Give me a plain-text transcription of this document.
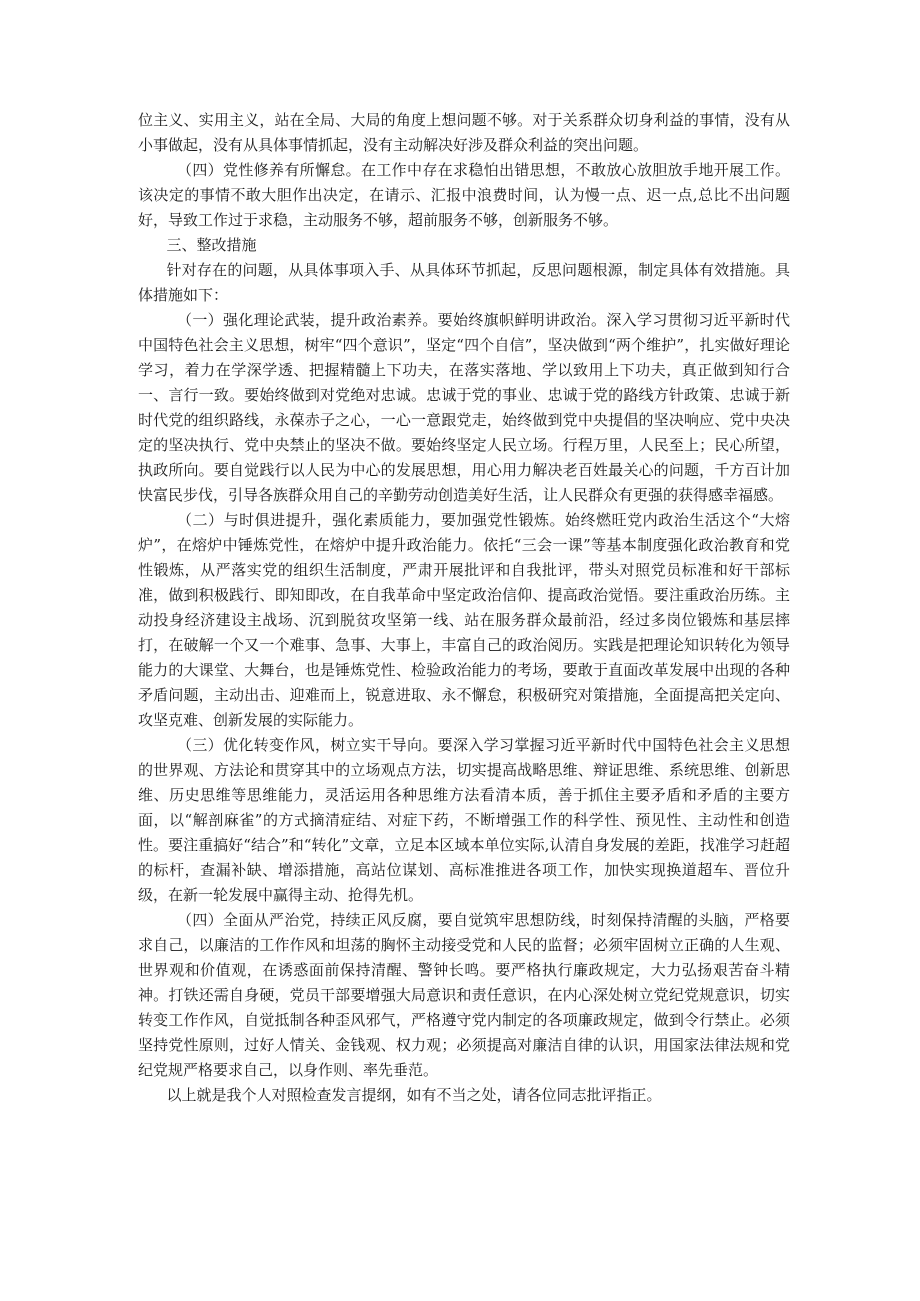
位主义、实用主义，站在全局、大局的角度上想问题不够。对于关系群众切身利益的事情，没有从小事做起，没有从具体事情抓起，没有主动解决好涉及群众利益的突出问题。

（四）党性修养有所懈怠。在工作中存在求稳怕出错思想，不敢放心放胆放手地开展工作。该决定的事情不敢大胆作出决定，在请示、汇报中浪费时间，认为慢一点、迟一点,总比不出问题好，导致工作过于求稳，主动服务不够，超前服务不够，创新服务不够。

三、整改措施

针对存在的问题，从具体事项入手、从具体环节抓起，反思问题根源，制定具体有效措施。具体措施如下：

（一）强化理论武装，提升政治素养。要始终旗帜鲜明讲政治。深入学习贯彻习近平新时代中国特色社会主义思想，树牢“四个意识”，坚定“四个自信”，坚决做到“两个维护”，扎实做好理论学习，着力在学深学透、把握精髓上下功夫，在落实落地、学以致用上下功夫，真正做到知行合一、言行一致。要始终做到对党绝对忠诚。忠诚于党的事业、忠诚于党的路线方针政策、忠诚于新时代党的组织路线，永葆赤子之心，一心一意跟党走，始终做到党中央提倡的坚决响应、党中央决定的坚决执行、党中央禁止的坚决不做。要始终坚定人民立场。行程万里，人民至上；民心所望，执政所向。要自觉践行以人民为中心的发展思想，用心用力解决老百姓最关心的问题，千方百计加快富民步伐，引导各族群众用自己的辛勤劳动创造美好生活，让人民群众有更强的获得感幸福感。

（二）与时俱进提升，强化素质能力，要加强党性锻炼。始终燃旺党内政治生活这个“大熔炉”，在熔炉中锤炼党性，在熔炉中提升政治能力。依托“三会一课”等基本制度强化政治教育和党性锻炼，从严落实党的组织生活制度，严肃开展批评和自我批评，带头对照党员标准和好干部标准，做到积极践行、即知即改，在自我革命中坚定政治信仰、提高政治觉悟。要注重政治历练。主动投身经济建设主战场、沉到脱贫攻坚第一线、站在服务群众最前沿，经过多岗位锻炼和基层摔打，在破解一个又一个难事、急事、大事上，丰富自己的政治阅历。实践是把理论知识转化为领导能力的大课堂、大舞台，也是锤炼党性、检验政治能力的考场，要敢于直面改革发展中出现的各种矛盾问题，主动出击、迎难而上，锐意进取、永不懈怠，积极研究对策措施，全面提高把关定向、攻坚克难、创新发展的实际能力。

（三）优化转变作风，树立实干导向。要深入学习掌握习近平新时代中国特色社会主义思想的世界观、方法论和贯穿其中的立场观点方法，切实提高战略思维、辩证思维、系统思维、创新思维、历史思维等思维能力，灵活运用各种思维方法看清本质，善于抓住主要矛盾和矛盾的主要方面，以“解剖麻雀”的方式摘清症结、对症下药，不断增强工作的科学性、预见性、主动性和创造性。要注重搞好“结合”和“转化”文章，立足本区域本单位实际,认清自身发展的差距，找准学习赶超的标杆，查漏补缺、增添措施，高站位谋划、高标准推进各项工作，加快实现换道超车、晋位升级，在新一轮发展中赢得主动、抢得先机。

（四）全面从严治党，持续正风反腐，要自觉筑牢思想防线，时刻保持清醒的头脑，严格要求自己，以廉洁的工作作风和坦荡的胸怀主动接受党和人民的监督；必须牢固树立正确的人生观、世界观和价值观，在诱惑面前保持清醒、警钟长鸣。要严格执行廉政规定，大力弘扬艰苦奋斗精神。打铁还需自身硬，党员干部要增强大局意识和责任意识，在内心深处树立党纪党规意识，切实转变工作作风，自觉抵制各种歪风邪气，严格遵守党内制定的各项廉政规定，做到令行禁止。必须坚持党性原则，过好人情关、金钱观、权力观；必须提高对廉洁自律的认识，用国家法律法规和党纪党规严格要求自己，以身作则、率先垂范。

以上就是我个人对照检查发言提纲，如有不当之处，请各位同志批评指正。
